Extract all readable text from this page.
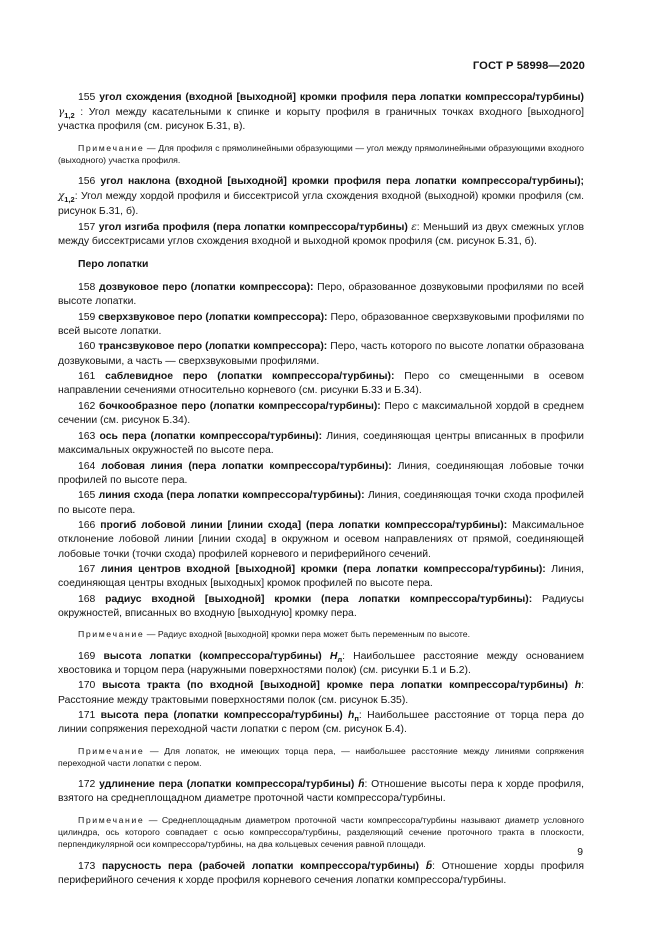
ГОСТ Р 58998—2020

155 угол схождения (входной [выходной] кромки профиля пера лопатки компрессора/турбины) $\gamma_{1,2}$ : Угол между касательными к спинке и корыту профиля в граничных точках входного [выходного] участка профиля (см. рисунок Б.31, в).

Примечание — Для профиля с прямолинейными образующими — угол между прямолинейными образующими входного (выходного) участка профиля.

156 угол наклона (входной [выходной] кромки профиля пера лопатки компрессора/турбины); $\chi_{1,2}$: Угол между хордой профиля и биссектрисой угла схождения входной (выходной) кромки профиля (см. рисунок Б.31, б).

157 угол изгиба профиля (пера лопатки компрессора/турбины) ε: Меньший из двух смежных углов между биссектрисами углов схождения входной и выходной кромок профиля (см. рисунок Б.31, б).

Перо лопатки

158 дозвуковое перо (лопатки компрессора): Перо, образованное дозвуковыми профилями по всей высоте лопатки.

159 сверхзвуковое перо (лопатки компрессора): Перо, образованное сверхзвуковыми профилями по всей высоте лопатки.

160 трансзвуковое перо (лопатки компрессора): Перо, часть которого по высоте лопатки образована дозвуковыми, а часть — сверхзвуковыми профилями.

161 саблевидное перо (лопатки компрессора/турбины): Перо со смещенными в осевом направлении сечениями относительно корневого (см. рисунки Б.33 и Б.34).

162 бочкообразное перо (лопатки компрессора/турбины): Перо с максимальной хордой в среднем сечении (см. рисунок Б.34).

163 ось пера (лопатки компрессора/турбины): Линия, соединяющая центры вписанных в профили максимальных окружностей по высоте пера.

164 лобовая линия (пера лопатки компрессора/турбины): Линия, соединяющая лобовые точки профилей по высоте пера.

165 линия схода (пера лопатки компрессора/турбины): Линия, соединяющая точки схода профилей по высоте пера.

166 прогиб лобовой линии [линии схода] (пера лопатки компрессора/турбины): Максимальное отклонение лобовой линии [линии схода] в окружном и осевом направлениях от прямой, соединяющей лобовые точки (точки схода) профилей корневого и периферийного сечений.

167 линия центров входной [выходной] кромки (пера лопатки компрессора/турбины): Линия, соединяющая центры входных [выходных] кромок профилей по высоте пера.

168 радиус входной [выходной] кромки (пера лопатки компрессора/турбины): Радиусы окружностей, вписанных во входную [выходную] кромку пера.

Примечание — Радиус входной [выходной] кромки пера может быть переменным по высоте.

169 высота лопатки (компрессора/турбины) $H_л$: Наибольшее расстояние между основанием хвостовика и торцом пера (наружными поверхностями полок) (см. рисунки Б.1 и Б.2).

170 высота тракта (по входной [выходной] кромке пера лопатки компрессора/турбины) h: Расстояние между трактовыми поверхностями полок (см. рисунок Б.35).

171 высота пера (лопатки компрессора/турбины) $h_п$: Наибольшее расстояние от торца пера до линии сопряжения переходной части лопатки с пером (см. рисунок Б.4).

Примечание — Для лопаток, не имеющих торца пера, — наибольшее расстояние между линиями сопряжения переходной части лопатки с пером.

172 удлинение пера (лопатки компрессора/турбины) h̄: Отношение высоты пера к хорде профиля, взятого на среднеплощадном диаметре проточной части компрессора/турбины.

Примечание — Среднеплощадным диаметром проточной части компрессора/турбины называют диаметр условного цилиндра, ось которого совпадает с осью компрессора/турбины, разделяющий сечение проточного тракта в плоскости, перпендикулярной оси компрессора/турбины, на два кольцевых сечения равной площади.

173 парусность пера (рабочей лопатки компрессора/турбины) b̄: Отношение хорды профиля периферийного сечения к хорде профиля корневого сечения лопатки компрессора/турбины.

9
